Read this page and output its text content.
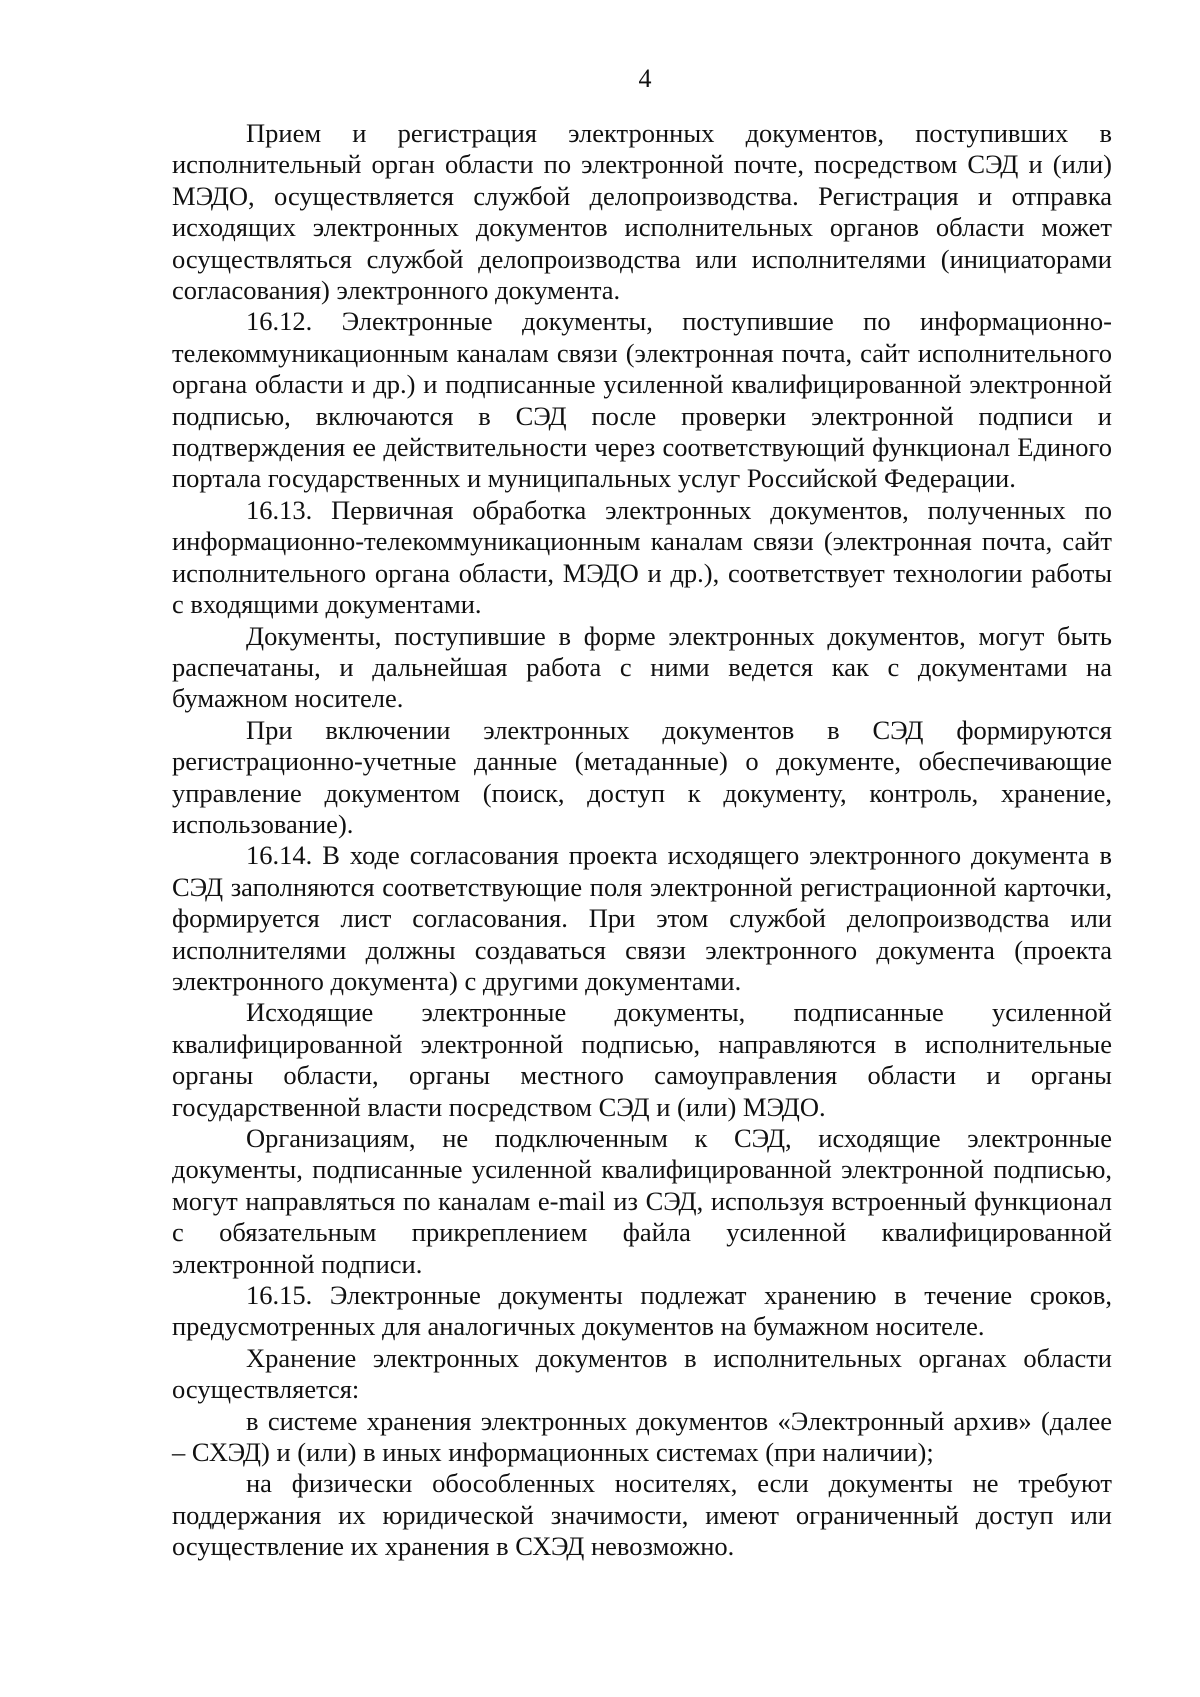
4

Прием и регистрация электронных документов, поступивших в исполнительный орган области по электронной почте, посредством СЭД и (или) МЭДО, осуществляется службой делопроизводства. Регистрация и отправка исходящих электронных документов исполнительных органов области может осуществляться службой делопроизводства или исполнителями (инициаторами согласования) электронного документа.

16.12. Электронные документы, поступившие по информационно-телекоммуникационным каналам связи (электронная почта, сайт исполнительного органа области и др.) и подписанные усиленной квалифицированной электронной подписью, включаются в СЭД после проверки электронной подписи и подтверждения ее действительности через соответствующий функционал Единого портала государственных и муниципальных услуг Российской Федерации.

16.13. Первичная обработка электронных документов, полученных по информационно-телекоммуникационным каналам связи (электронная почта, сайт исполнительного органа области, МЭДО и др.), соответствует технологии работы с входящими документами.

Документы, поступившие в форме электронных документов, могут быть распечатаны, и дальнейшая работа с ними ведется как с документами на бумажном носителе.

При включении электронных документов в СЭД формируются регистрационно-учетные данные (метаданные) о документе, обеспечивающие управление документом (поиск, доступ к документу, контроль, хранение, использование).

16.14. В ходе согласования проекта исходящего электронного документа в СЭД заполняются соответствующие поля электронной регистрационной карточки, формируется лист согласования. При этом службой делопроизводства или исполнителями должны создаваться связи электронного документа (проекта электронного документа) с другими документами.

Исходящие электронные документы, подписанные усиленной квалифицированной электронной подписью, направляются в исполнительные органы области, органы местного самоуправления области и органы государственной власти посредством СЭД и (или) МЭДО.

Организациям, не подключенным к СЭД, исходящие электронные документы, подписанные усиленной квалифицированной электронной подписью, могут направляться по каналам e-mail из СЭД, используя встроенный функционал с обязательным прикреплением файла усиленной квалифицированной электронной подписи.

16.15. Электронные документы подлежат хранению в течение сроков, предусмотренных для аналогичных документов на бумажном носителе.

Хранение электронных документов в исполнительных органах области осуществляется:

в системе хранения электронных документов «Электронный архив» (далее – СХЭД) и (или) в иных информационных системах (при наличии);

на физически обособленных носителях, если документы не требуют поддержания их юридической значимости, имеют ограниченный доступ или осуществление их хранения в СХЭД невозможно.
